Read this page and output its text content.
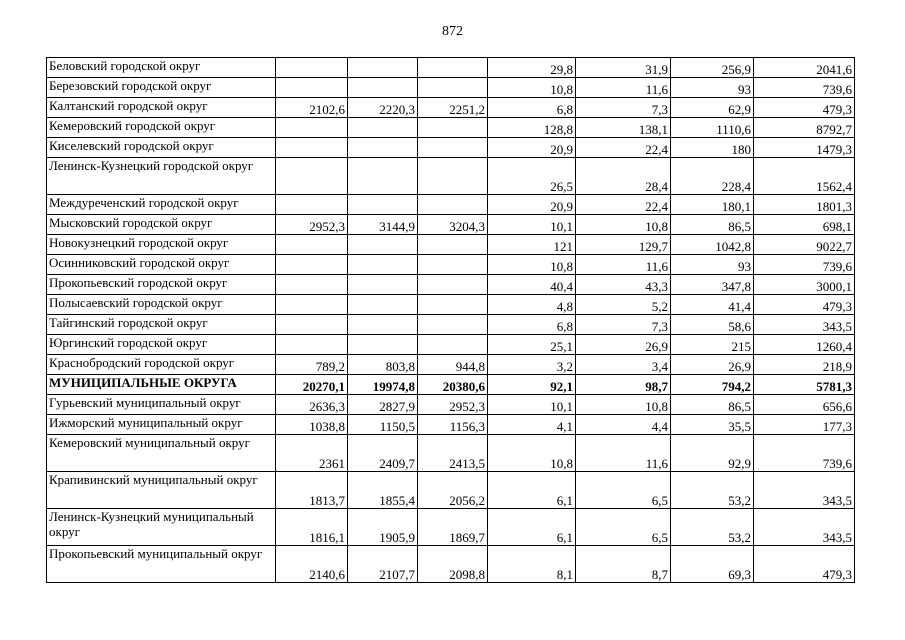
872
Беловский городской округ				29,8	31,9	256,9	2041,6
Березовский городской округ				10,8	11,6	93	739,6
Калтанский городской округ	2102,6	2220,3	2251,2	6,8	7,3	62,9	479,3
Кемеровский городской округ				128,8	138,1	1110,6	8792,7
Киселевский городской округ				20,9	22,4	180	1479,3
Ленинск-Кузнецкий городской округ				26,5	28,4	228,4	1562,4
Междуреченский городской округ				20,9	22,4	180,1	1801,3
Мысковский городской округ	2952,3	3144,9	3204,3	10,1	10,8	86,5	698,1
Новокузнецкий городской округ				121	129,7	1042,8	9022,7
Осинниковский городской округ				10,8	11,6	93	739,6
Прокопьевский городской округ				40,4	43,3	347,8	3000,1
Полысаевский городской округ				4,8	5,2	41,4	479,3
Тайгинский городской округ				6,8	7,3	58,6	343,5
Юргинский городской округ				25,1	26,9	215	1260,4
Краснобродский городской округ	789,2	803,8	944,8	3,2	3,4	26,9	218,9
МУНИЦИПАЛЬНЫЕ ОКРУГА	20270,1	19974,8	20380,6	92,1	98,7	794,2	5781,3
Гурьевский муниципальный округ	2636,3	2827,9	2952,3	10,1	10,8	86,5	656,6
Ижморский муниципальный округ	1038,8	1150,5	1156,3	4,1	4,4	35,5	177,3
Кемеровский муниципальный округ	2361	2409,7	2413,5	10,8	11,6	92,9	739,6
Крапивинский муниципальный округ	1813,7	1855,4	2056,2	6,1	6,5	53,2	343,5
Ленинск-Кузнецкий муниципальный округ	1816,1	1905,9	1869,7	6,1	6,5	53,2	343,5
Прокопьевский муниципальный округ	2140,6	2107,7	2098,8	8,1	8,7	69,3	479,3
